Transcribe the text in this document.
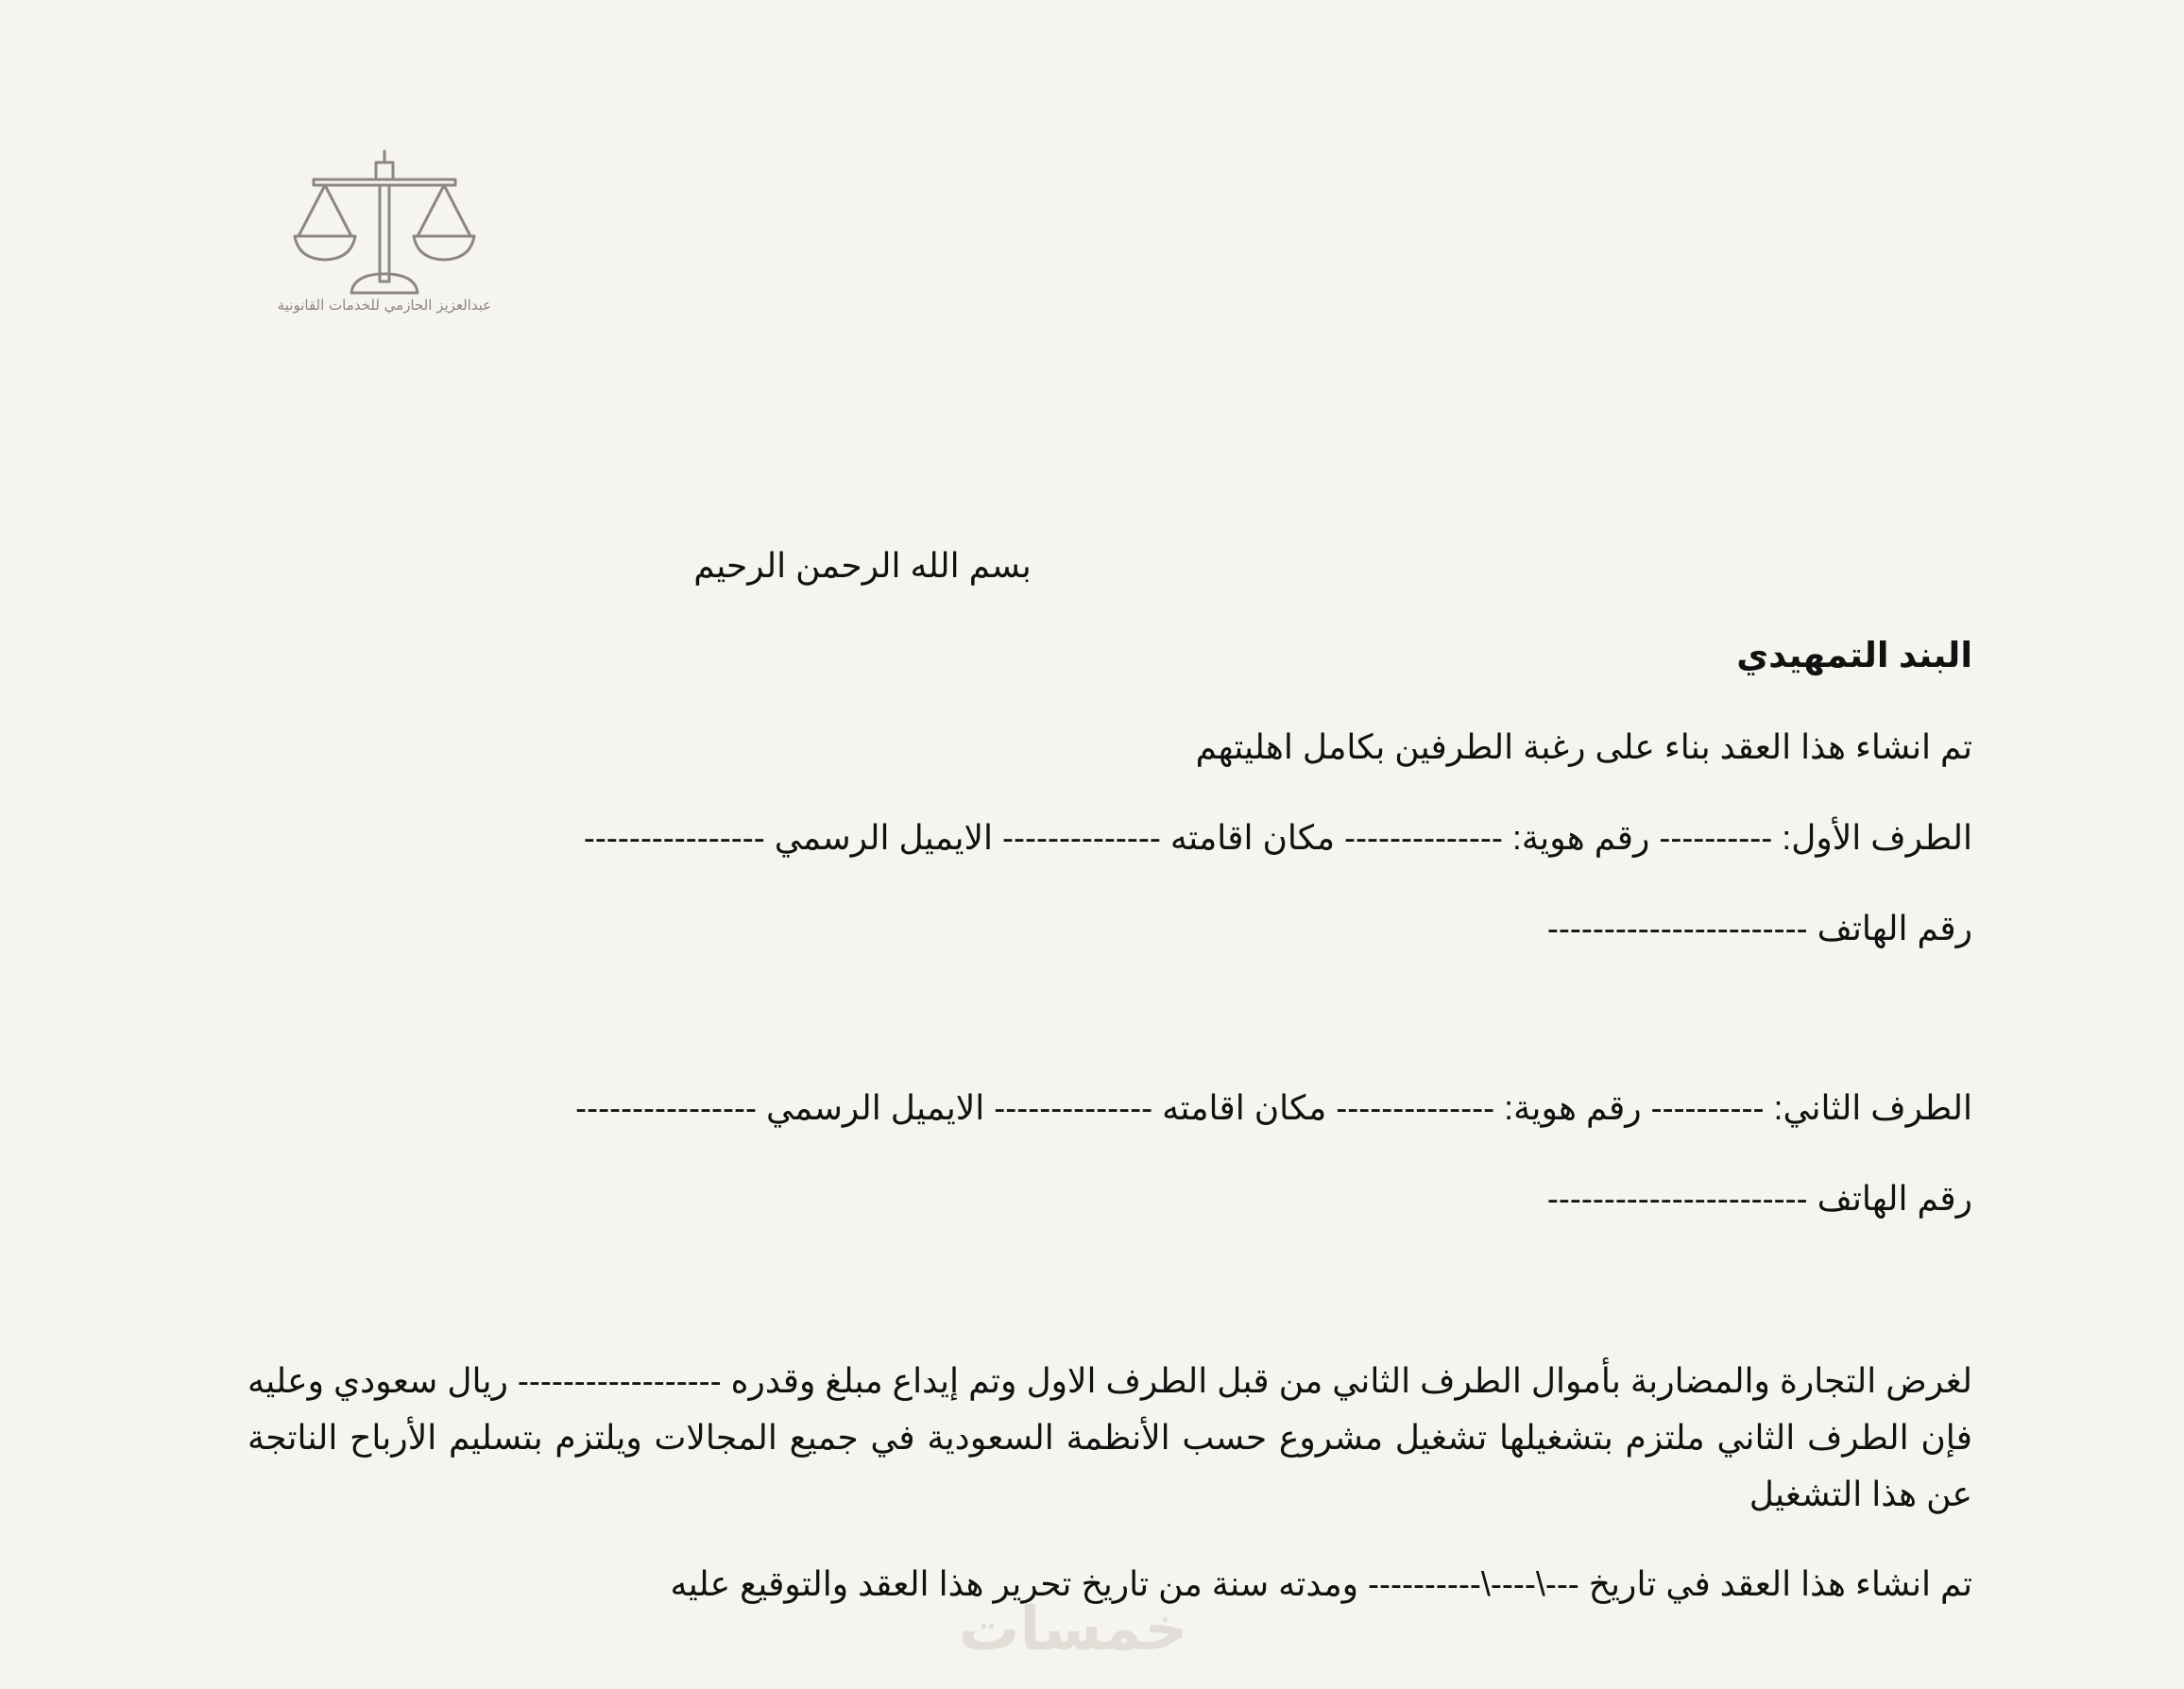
عبدالعزيز الحازمي للخدمات القانونية
بسم الله الرحمن الرحيم
البند التمهيدي
تم انشاء هذا العقد بناء على رغبة الطرفين بكامل اهليتهم
الطرف الأول: ---------- رقم هوية: -------------- مكان اقامته -------------- الايميل الرسمي ----------------
رقم الهاتف -----------------------
الطرف الثاني: ---------- رقم هوية: -------------- مكان اقامته -------------- الايميل الرسمي ----------------
رقم الهاتف -----------------------
لغرض التجارة والمضاربة بأموال الطرف الثاني من قبل الطرف الاول وتم إيداع مبلغ وقدره ------------------ ريال سعودي وعليه فإن الطرف الثاني ملتزم بتشغيلها تشغيل مشروع حسب الأنظمة السعودية في جميع المجالات ويلتزم بتسليم الأرباح الناتجة عن هذا التشغيل
تم انشاء هذا العقد في تاريخ ---\----\---------- ومدته سنة من تاريخ تحرير هذا العقد والتوقيع عليه
خمسات
